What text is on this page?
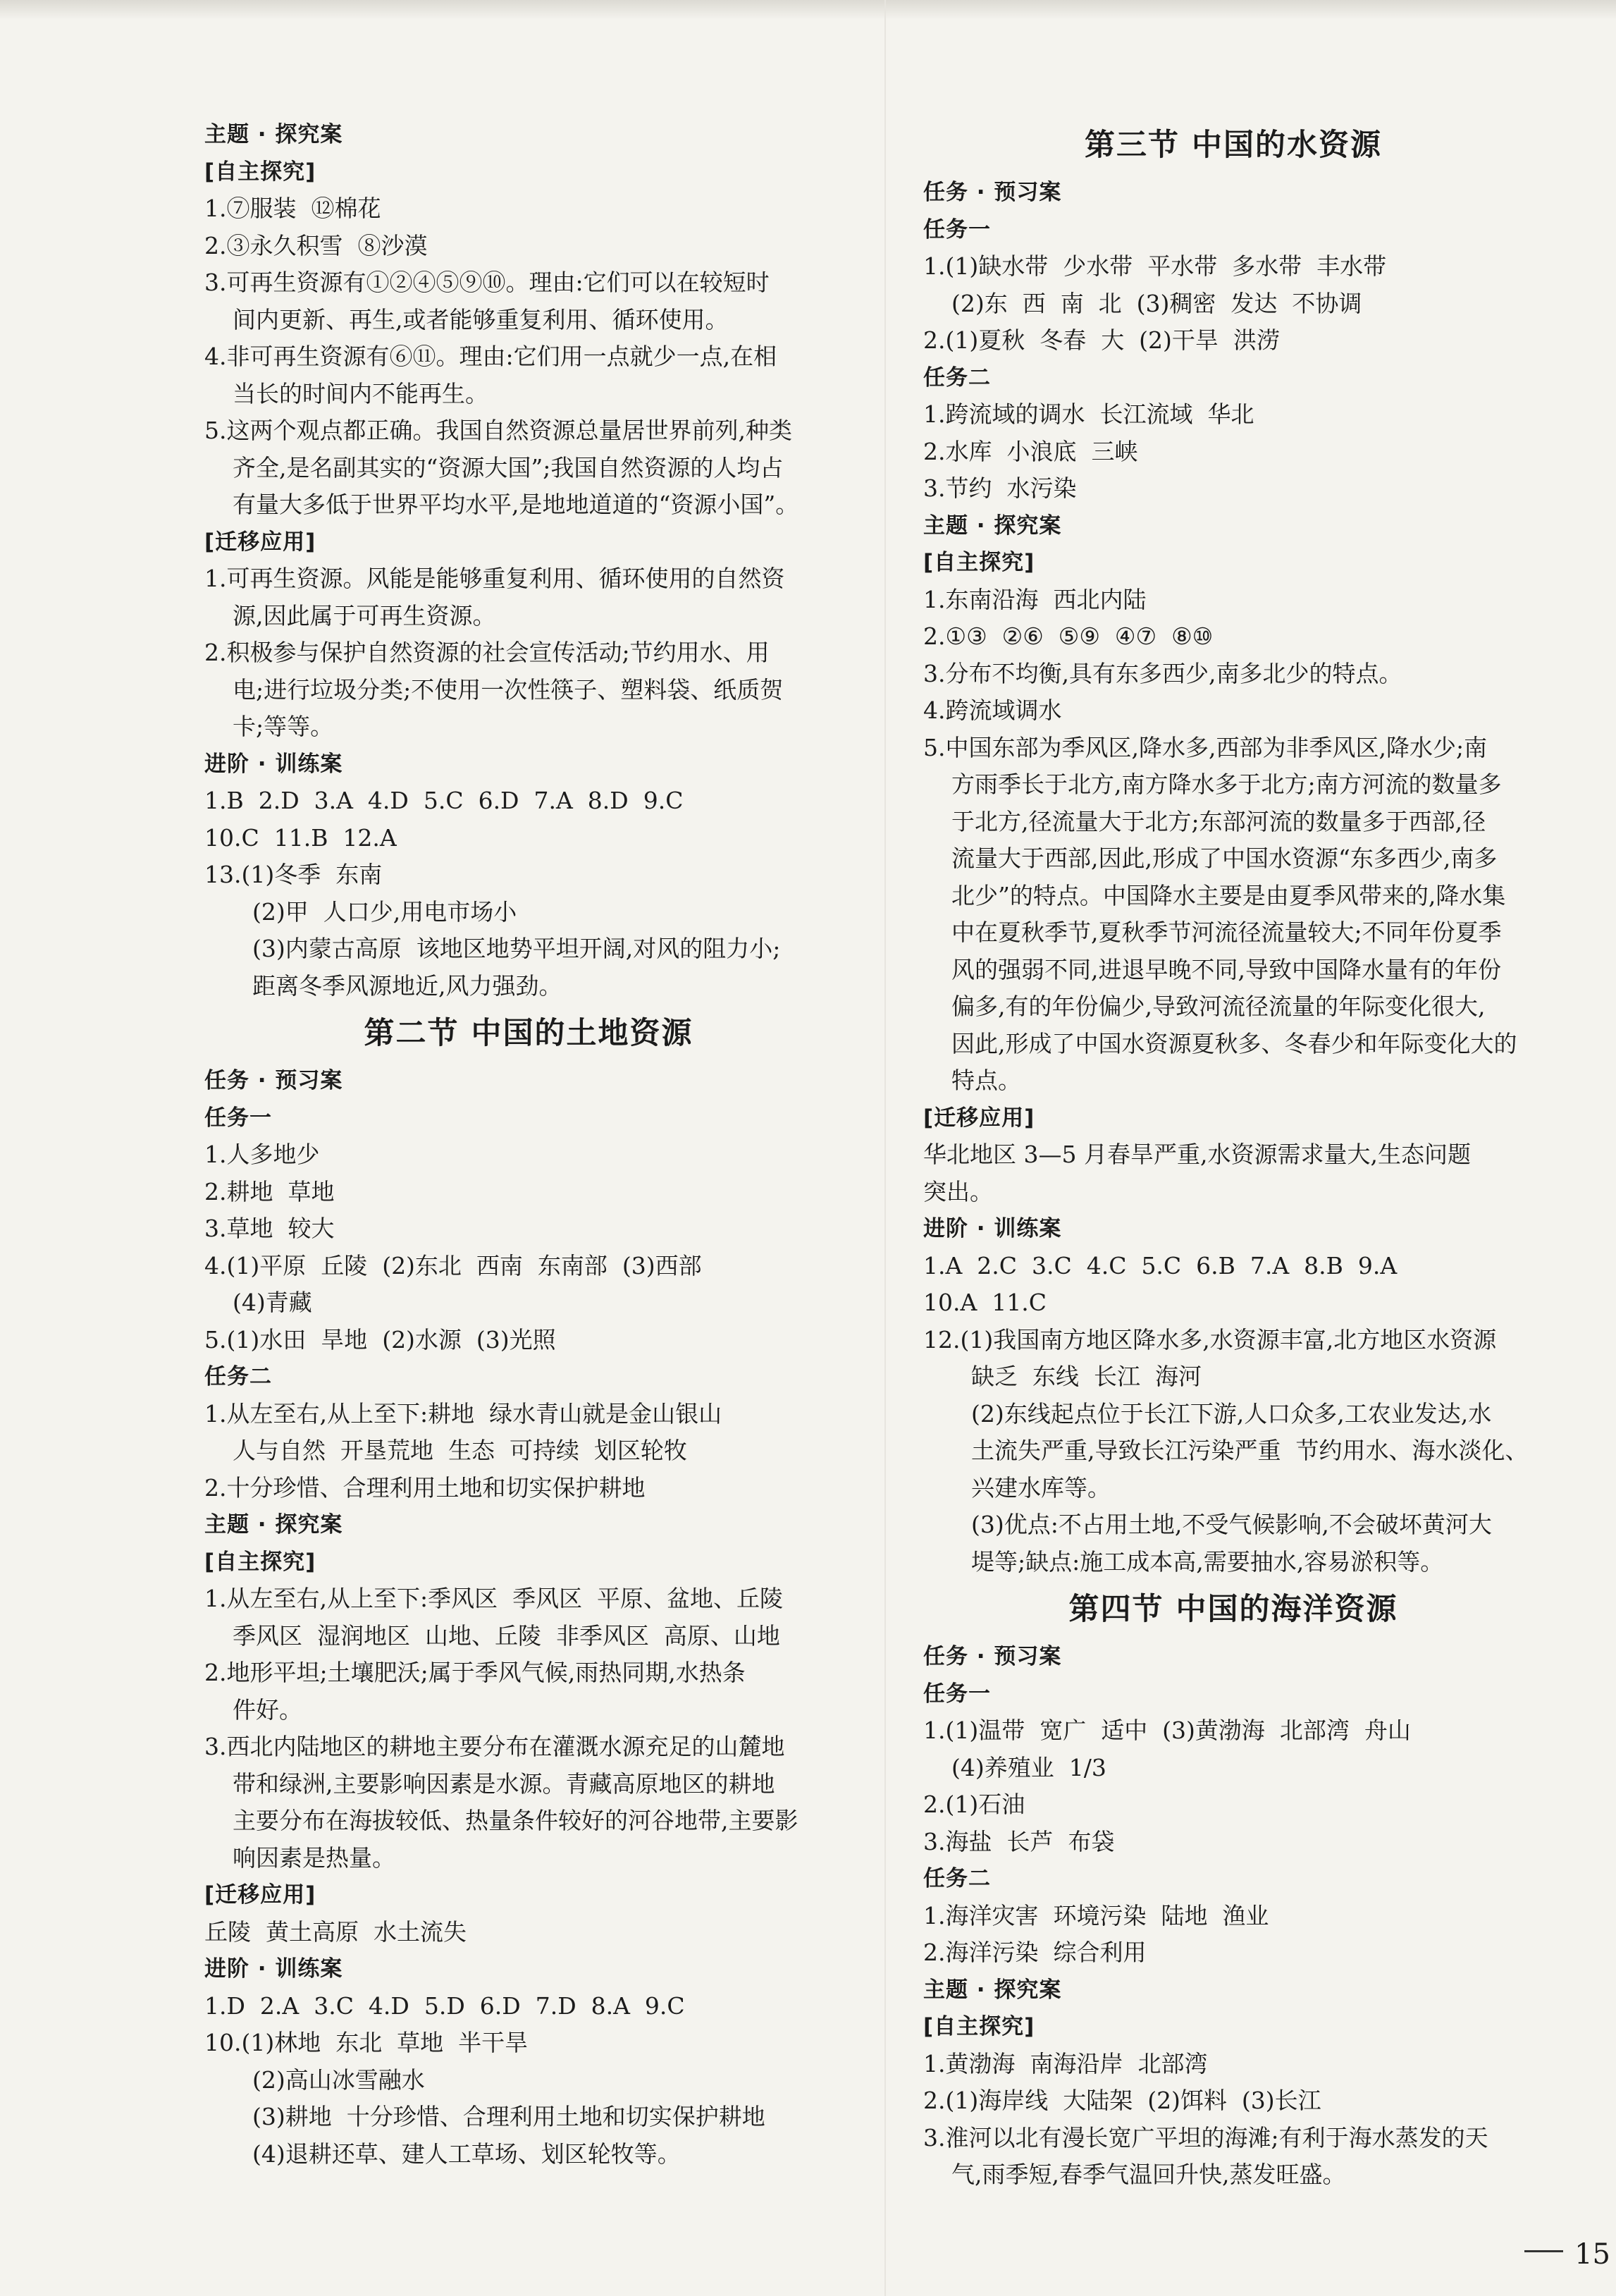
主题 · 探究案
[自主探究]
1.⑦服装  ⑫棉花
2.③永久积雪  ⑧沙漠
3.可再生资源有①②④⑤⑨⑩。理由:它们可以在较短时
间内更新、再生,或者能够重复利用、循环使用。
4.非可再生资源有⑥⑪。理由:它们用一点就少一点,在相
当长的时间内不能再生。
5.这两个观点都正确。我国自然资源总量居世界前列,种类
齐全,是名副其实的“资源大国”;我国自然资源的人均占
有量大多低于世界平均水平,是地地道道的“资源小国”。
[迁移应用]
1.可再生资源。风能是能够重复利用、循环使用的自然资
源,因此属于可再生资源。
2.积极参与保护自然资源的社会宣传活动;节约用水、用
电;进行垃圾分类;不使用一次性筷子、塑料袋、纸质贺
卡;等等。
进阶 · 训练案
1.B  2.D  3.A  4.D  5.C  6.D  7.A  8.D  9.C
10.C  11.B  12.A
13.(1)冬季  东南
(2)甲  人口少,用电市场小
(3)内蒙古高原  该地区地势平坦开阔,对风的阻力小;
距离冬季风源地近,风力强劲。
第二节 中国的土地资源
任务 · 预习案
任务一
1.人多地少
2.耕地  草地
3.草地  较大
4.(1)平原  丘陵  (2)东北  西南  东南部  (3)西部
(4)青藏
5.(1)水田  旱地  (2)水源  (3)光照
任务二
1.从左至右,从上至下:耕地  绿水青山就是金山银山
人与自然  开垦荒地  生态  可持续  划区轮牧
2.十分珍惜、合理利用土地和切实保护耕地
主题 · 探究案
[自主探究]
1.从左至右,从上至下:季风区  季风区  平原、盆地、丘陵
季风区  湿润地区  山地、丘陵  非季风区  高原、山地
2.地形平坦;土壤肥沃;属于季风气候,雨热同期,水热条
件好。
3.西北内陆地区的耕地主要分布在灌溉水源充足的山麓地
带和绿洲,主要影响因素是水源。青藏高原地区的耕地
主要分布在海拔较低、热量条件较好的河谷地带,主要影
响因素是热量。
[迁移应用]
丘陵  黄土高原  水土流失
进阶 · 训练案
1.D  2.A  3.C  4.D  5.D  6.D  7.D  8.A  9.C
10.(1)林地  东北  草地  半干旱
(2)高山冰雪融水
(3)耕地  十分珍惜、合理利用土地和切实保护耕地
(4)退耕还草、建人工草场、划区轮牧等。
第三节 中国的水资源
任务 · 预习案
任务一
1.(1)缺水带  少水带  平水带  多水带  丰水带
(2)东  西  南  北  (3)稠密  发达  不协调
2.(1)夏秋  冬春  大  (2)干旱  洪涝
任务二
1.跨流域的调水  长江流域  华北
2.水库  小浪底  三峡
3.节约  水污染
主题 · 探究案
[自主探究]
1.东南沿海  西北内陆
2.①③  ②⑥  ⑤⑨  ④⑦  ⑧⑩
3.分布不均衡,具有东多西少,南多北少的特点。
4.跨流域调水
5.中国东部为季风区,降水多,西部为非季风区,降水少;南
方雨季长于北方,南方降水多于北方;南方河流的数量多
于北方,径流量大于北方;东部河流的数量多于西部,径
流量大于西部,因此,形成了中国水资源“东多西少,南多
北少”的特点。中国降水主要是由夏季风带来的,降水集
中在夏秋季节,夏秋季节河流径流量较大;不同年份夏季
风的强弱不同,进退早晚不同,导致中国降水量有的年份
偏多,有的年份偏少,导致河流径流量的年际变化很大,
因此,形成了中国水资源夏秋多、冬春少和年际变化大的
特点。
[迁移应用]
华北地区 3—5 月春旱严重,水资源需求量大,生态问题
突出。
进阶 · 训练案
1.A  2.C  3.C  4.C  5.C  6.B  7.A  8.B  9.A
10.A  11.C
12.(1)我国南方地区降水多,水资源丰富,北方地区水资源
缺乏  东线  长江  海河
(2)东线起点位于长江下游,人口众多,工农业发达,水
土流失严重,导致长江污染严重  节约用水、海水淡化、
兴建水库等。
(3)优点:不占用土地,不受气候影响,不会破坏黄河大
堤等;缺点:施工成本高,需要抽水,容易淤积等。
第四节 中国的海洋资源
任务 · 预习案
任务一
1.(1)温带  宽广  适中  (3)黄渤海  北部湾  舟山
(4)养殖业  1/3
2.(1)石油
3.海盐  长芦  布袋
任务二
1.海洋灾害  环境污染  陆地  渔业
2.海洋污染  综合利用
主题 · 探究案
[自主探究]
1.黄渤海  南海沿岸  北部湾
2.(1)海岸线  大陆架  (2)饵料  (3)长江
3.淮河以北有漫长宽广平坦的海滩;有利于海水蒸发的天
气,雨季短,春季气温回升快,蒸发旺盛。
15
